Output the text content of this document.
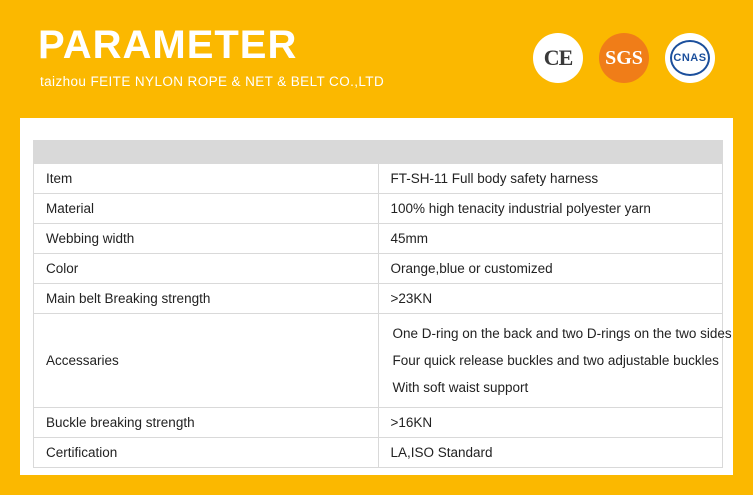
PARAMETER
taizhou FEITE NYLON ROPE & NET & BELT CO.,LTD
CE SGS	CNAS

Item	FT-SH-11 Full body safety harness
Material	100% high tenacity industrial polyester yarn
Webbing width	45mm
Color	Orange,blue or customized
Main belt Breaking strength	>23KN
Accessaries	One D-ring on the back and two D-rings on the two sides
Four quick release buckles and two adjustable buckles
With soft waist support

Buckle breaking strength	>16KN
Certification	LA,ISO Standard
